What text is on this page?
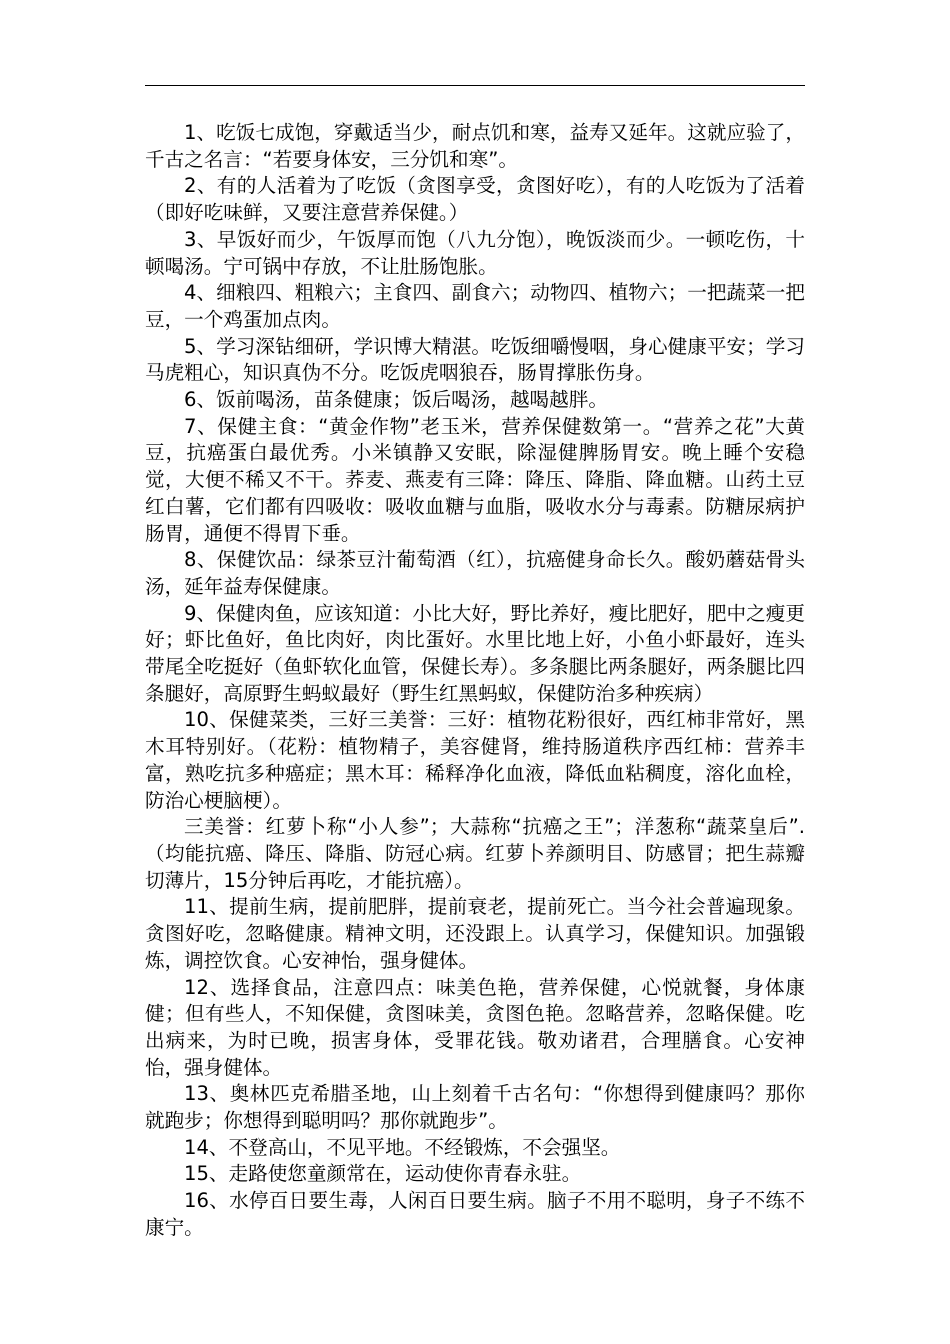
1、吃饭七成饱，穿戴适当少，耐点饥和寒，益寿又延年。这就应验了，千古之名言：“若要身体安，三分饥和寒”。

2、有的人活着为了吃饭（贪图享受，贪图好吃），有的人吃饭为了活着（即好吃味鲜，又要注意营养保健。）

3、早饭好而少，午饭厚而饱（八九分饱），晚饭淡而少。一顿吃伤，十顿喝汤。宁可锅中存放，不让肚肠饱胀。

4、细粮四、粗粮六；主食四、副食六；动物四、植物六；一把蔬菜一把豆，一个鸡蛋加点肉。

5、学习深钻细研，学识博大精湛。吃饭细嚼慢咽，身心健康平安；学习马虎粗心，知识真伪不分。吃饭虎咽狼吞，肠胃撑胀伤身。

6、饭前喝汤，苗条健康；饭后喝汤，越喝越胖。

7、保健主食：“黄金作物”老玉米，营养保健数第一。“营养之花”大黄豆，抗癌蛋白最优秀。小米镇静又安眠，除湿健脾肠胃安。晚上睡个安稳觉，大便不稀又不干。荞麦、燕麦有三降：降压、降脂、降血糖。山药土豆红白薯，它们都有四吸收：吸收血糖与血脂，吸收水分与毒素。防糖尿病护肠胃，通便不得胃下垂。

8、保健饮品：绿茶豆汁葡萄酒（红），抗癌健身命长久。酸奶蘑菇骨头汤，延年益寿保健康。

9、保健肉鱼，应该知道：小比大好，野比养好，瘦比肥好，肥中之瘦更好；虾比鱼好，鱼比肉好，肉比蛋好。水里比地上好，小鱼小虾最好，连头带尾全吃挺好（鱼虾软化血管，保健长寿）。多条腿比两条腿好，两条腿比四条腿好，高原野生蚂蚁最好（野生红黑蚂蚁，保健防治多种疾病）

10、保健菜类，三好三美誉：三好：植物花粉很好，西红柿非常好，黑木耳特别好。（花粉：植物精子，美容健肾，维持肠道秩序西红柿：营养丰富，熟吃抗多种癌症；黑木耳：稀释净化血液，降低血粘稠度，溶化血栓，防治心梗脑梗）。

三美誉：红萝卜称“小人参”；大蒜称“抗癌之王”；洋葱称“蔬菜皇后”.（均能抗癌、降压、降脂、防冠心病。红萝卜养颜明目、防感冒；把生蒜瓣切薄片，15分钟后再吃，才能抗癌）。

11、提前生病，提前肥胖，提前衰老，提前死亡。当今社会普遍现象。贪图好吃，忽略健康。精神文明，还没跟上。认真学习，保健知识。加强锻炼，调控饮食。心安神怡，强身健体。

12、选择食品，注意四点：味美色艳，营养保健，心悦就餐，身体康健；但有些人，不知保健，贪图味美，贪图色艳。忽略营养，忽略保健。吃出病来，为时已晚，损害身体，受罪花钱。敬劝诸君，合理膳食。心安神怡，强身健体。

13、奥林匹克希腊圣地，山上刻着千古名句：“你想得到健康吗？那你就跑步；你想得到聪明吗？那你就跑步”。

14、不登高山，不见平地。不经锻炼，不会强坚。

15、走路使您童颜常在，运动使你青春永驻。

16、水停百日要生毒，人闲百日要生病。脑子不用不聪明，身子不练不康宁。
